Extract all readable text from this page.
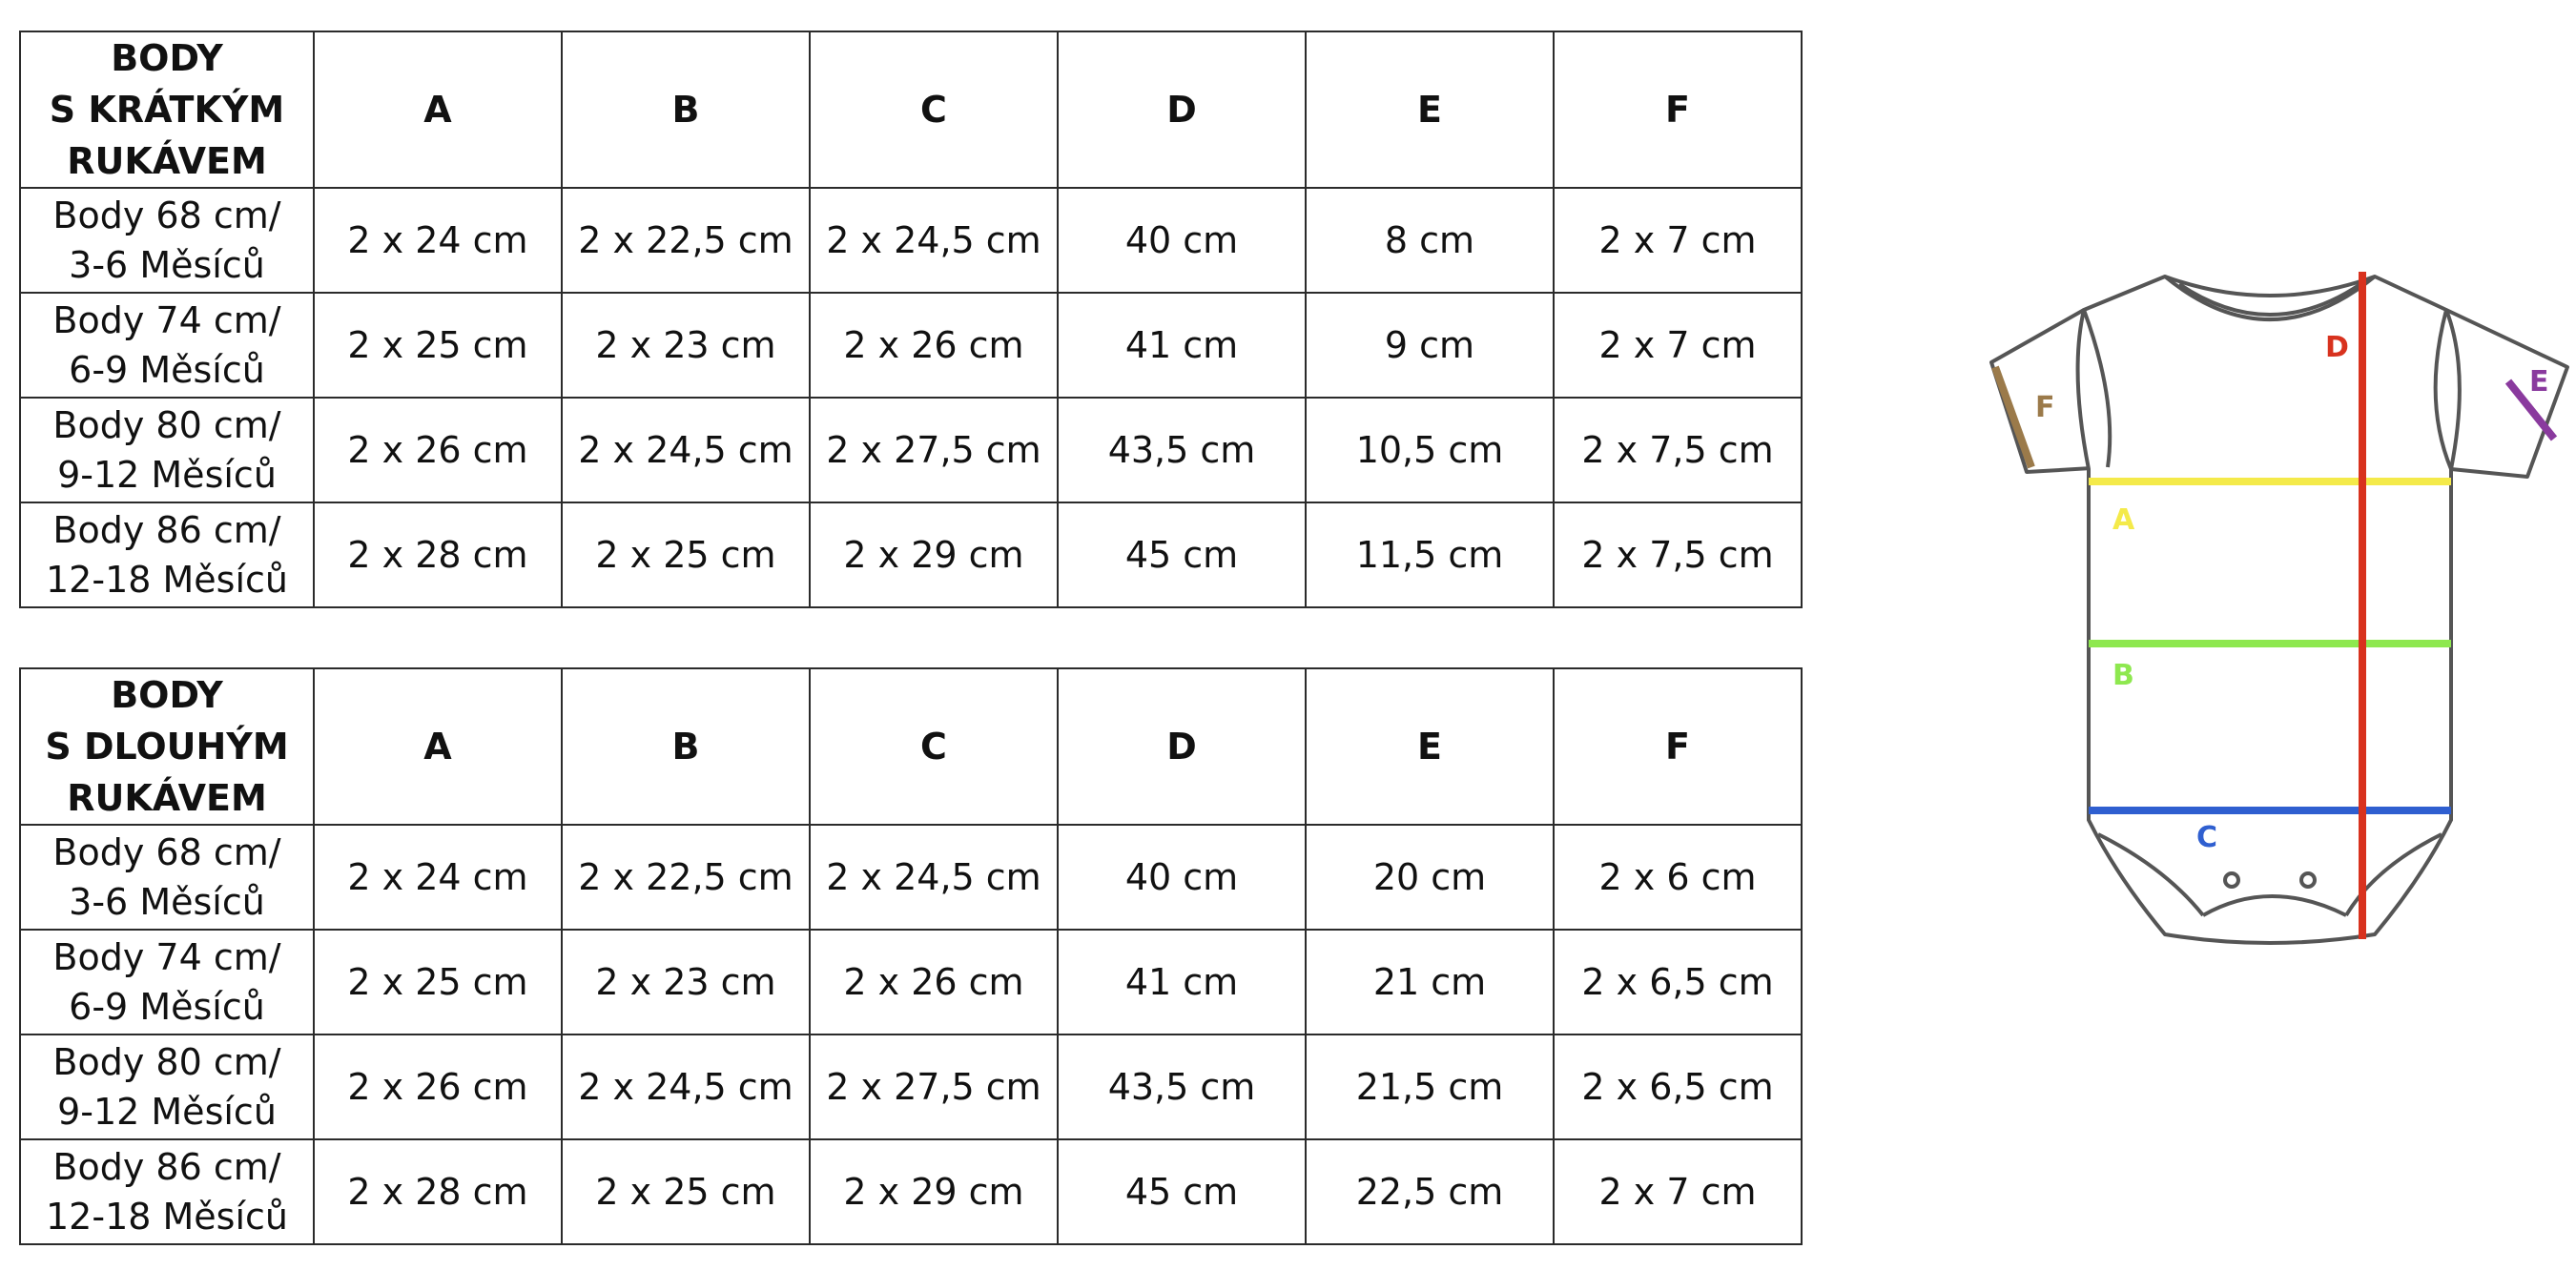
BODY
S KRÁTKÝM
RUKÁVEM	A	B	C	D	E	F

Body 68 cm/
3-6 Měsíců	2 x 24 cm	2 x 22,5 cm	2 x 24,5 cm	40 cm	8 cm	2 x 7 cm

Body 74 cm/
6-9 Měsíců	2 x 25 cm	2 x 23 cm	2 x 26 cm	41 cm	9 cm	2 x 7 cm

Body 80 cm/
9-12 Měsíců	2 x 26 cm	2 x 24,5 cm	2 x 27,5 cm	43,5 cm	10,5 cm	2 x 7,5 cm

Body 86 cm/
12-18 Měsíců	2 x 28 cm	2 x 25 cm	2 x 29 cm	45 cm	11,5 cm	2 x 7,5 cm
BODY
S DLOUHÝM
RUKÁVEM	A	B	C	D	E	F

Body 68 cm/
3-6 Měsíců	2 x 24 cm	2 x 22,5 cm	2 x 24,5 cm	40 cm	20 cm	2 x 6 cm

Body 74 cm/
6-9 Měsíců	2 x 25 cm	2 x 23 cm	2 x 26 cm	41 cm	21 cm	2 x 6,5 cm

Body 80 cm/
9-12 Měsíců	2 x 26 cm	2 x 24,5 cm	2 x 27,5 cm	43,5 cm	21,5 cm	2 x 6,5 cm

Body 86 cm/
12-18 Měsíců	2 x 28 cm	2 x 25 cm	2 x 29 cm	45 cm	22,5 cm	2 x 7 cm
A
B
C
D
E
F
